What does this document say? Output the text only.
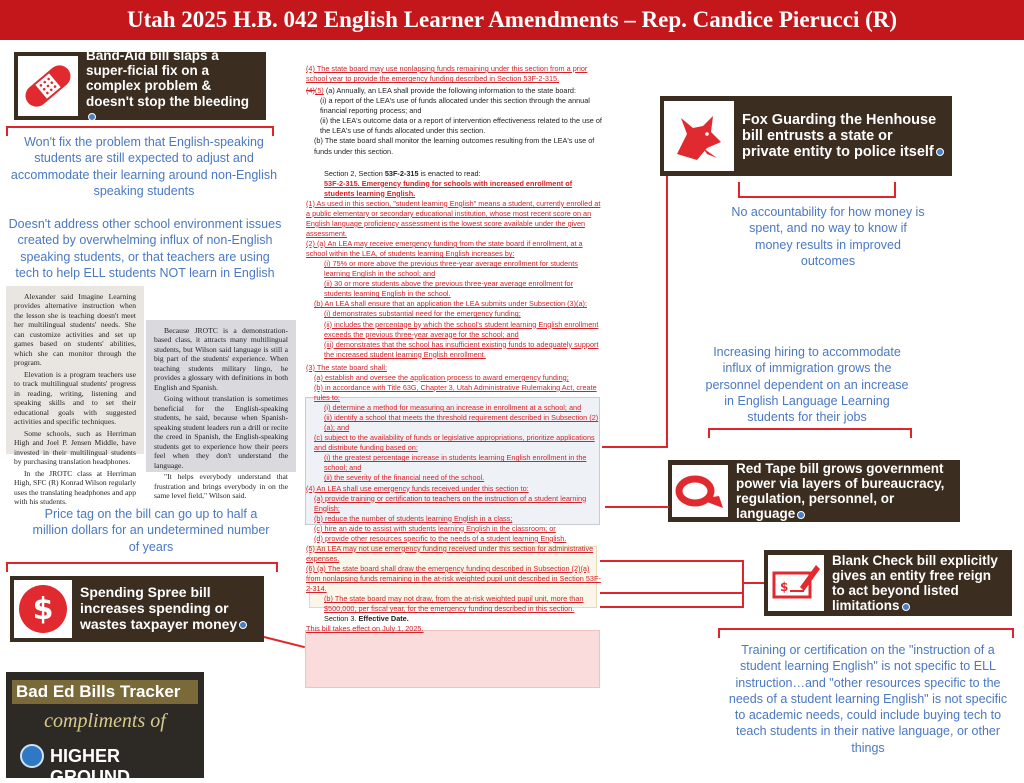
Utah 2025 H.B. 042 English Learner Amendments – Rep. Candice Pierucci (R)
Band-Aid bill slaps a super-ficial fix on a complex problem & doesn't stop the bleeding
Won't fix the problem that English-speaking students are still expected to adjust and accommodate their learning around non-English speaking students
Doesn't address other school environment issues created by overwhelming influx of non-English speaking students, or that teachers are using tech to help ELL students NOT learn in English

Alexander said Imagine Learning provides alternative instruction when the lesson she is teaching doesn't meet her multilingual students' needs. She can customize activities and set up games based on students' abilities, which she can monitor through the program.

Elevation is a program teachers use to track multilingual students' progress in reading, writing, listening and speaking skills and to set their educational goals with suggested activities and specific techniques.

Some schools, such as Herriman High and Joel P. Jensen Middle, have invested in their multilingual students by purchasing translation headphones.

In the JROTC class at Herriman High, SFC (R) Konrad Wilson regularly uses the translating headphones and app with his students.

Because JROTC is a demonstration-based class, it attracts many multilingual students, but Wilson said language is still a big part of the students' experience. When teaching students military lingo, he provides a glossary with definitions in both English and Spanish.

Going without translation is sometimes beneficial for the English-speaking students, he said, because when Spanish-speaking student leaders run a drill or recite the creed in Spanish, the English-speaking students get to experience how their peers feel when they don't understand the language.

"It helps everybody understand that frustration and brings everybody in on the same level field," Wilson said.

Fox Guarding the Henhouse bill entrusts a state or private entity to police itself
No accountability for how money is spent, and no way to know if money results in improved outcomes
Increasing hiring to accommodate influx of immigration grows the personnel dependent on an increase in English Language Learning students for their jobs
Red Tape bill grows government power via layers of bureaucracy, regulation, personnel, or language
$
Blank Check bill explicitly gives an entity free reign to act beyond listed limitations
Training or certification on the "instruction of a student learning English" is not specific to ELL instruction…and "other resources specific to the needs of a student learning English" is not specific to academic needs, could include buying tech to teach students in their native language, or other things
Price tag on the bill can go up to half a million dollars for an undetermined number of years
$ Spending Spree bill increases spending or wastes taxpayer money
(4) The state board may use nonlapsing funds remaining under this section from a prior school year to provide the emergency funding described in Section 53F-2-315.
(4)(5) (a) Annually, an LEA shall provide the following information to the state board:
(i) a report of the LEA's use of funds allocated under this section through the annual financial reporting process; and
(ii) the LEA's outcome data or a report of intervention effectiveness related to the use of the LEA's use of funds allocated under this section.
(b) The state board shall monitor the learning outcomes resulting from the LEA's use of funds under this section.
Section 2, Section 53F-2-315 is enacted to read:
53F-2-315. Emergency funding for schools with increased enrollment of students learning English.
(1) As used in this section, "student learning English" means a student, currently enrolled at a public elementary or secondary educational institution, whose most recent score on an English language proficiency assessment is the lowest score available under the given assessment.
(2) (a) An LEA may receive emergency funding from the state board if enrollment, at a school within the LEA, of students learning English increases by:
(i) 75% or more above the previous three-year average enrollment for students learning English in the school; and
(ii) 30 or more students above the previous three-year average enrollment for students learning English in the school.
(b) An LEA shall ensure that an application the LEA submits under Subsection (3)(a):
(i) demonstrates substantial need for the emergency funding;
(ii) includes the percentage by which the school's student learning English enrollment exceeds the previous three-year average for the school; and
(iii) demonstrates that the school has insufficient existing funds to adequately support the increased student learning English enrollment.
(3) The state board shall:
(a) establish and oversee the application process to award emergency funding;
(b) in accordance with Title 63G, Chapter 3, Utah Administrative Rulemaking Act, create rules to:
(i) determine a method for measuring an increase in enrollment at a school; and
(ii) identify a school that meets the threshold requirement described in Subsection (2)(a); and
(c) subject to the availability of funds or legislative appropriations, prioritize applications and distribute funding based on:
(i) the greatest percentage increase in students learning English enrollment in the school; and
(ii) the severity of the financial need of the school.
(4) An LEA shall use emergency funds received under this section to:
(a) provide training or certification to teachers on the instruction of a student learning English;
(b) reduce the number of students learning English in a class;
(c) hire an aide to assist with students learning English in the classroom; or
(d) provide other resources specific to the needs of a student learning English.
(5) An LEA may not use emergency funding received under this section for administrative expenses.
(6) (a) The state board shall draw the emergency funding described in Subsection (2)(a) from nonlapsing funds remaining in the at-risk weighted pupil unit described in Section 53F-2-314.
(b) The state board may not draw, from the at-risk weighted pupil unit, more than $500,000, per fiscal year, for the emergency funding described in this section.
Section 3. Effective Date.
This bill takes effect on July 1, 2025.
Bad Ed Bills Tracker
compliments of
HIGHER GROUND
